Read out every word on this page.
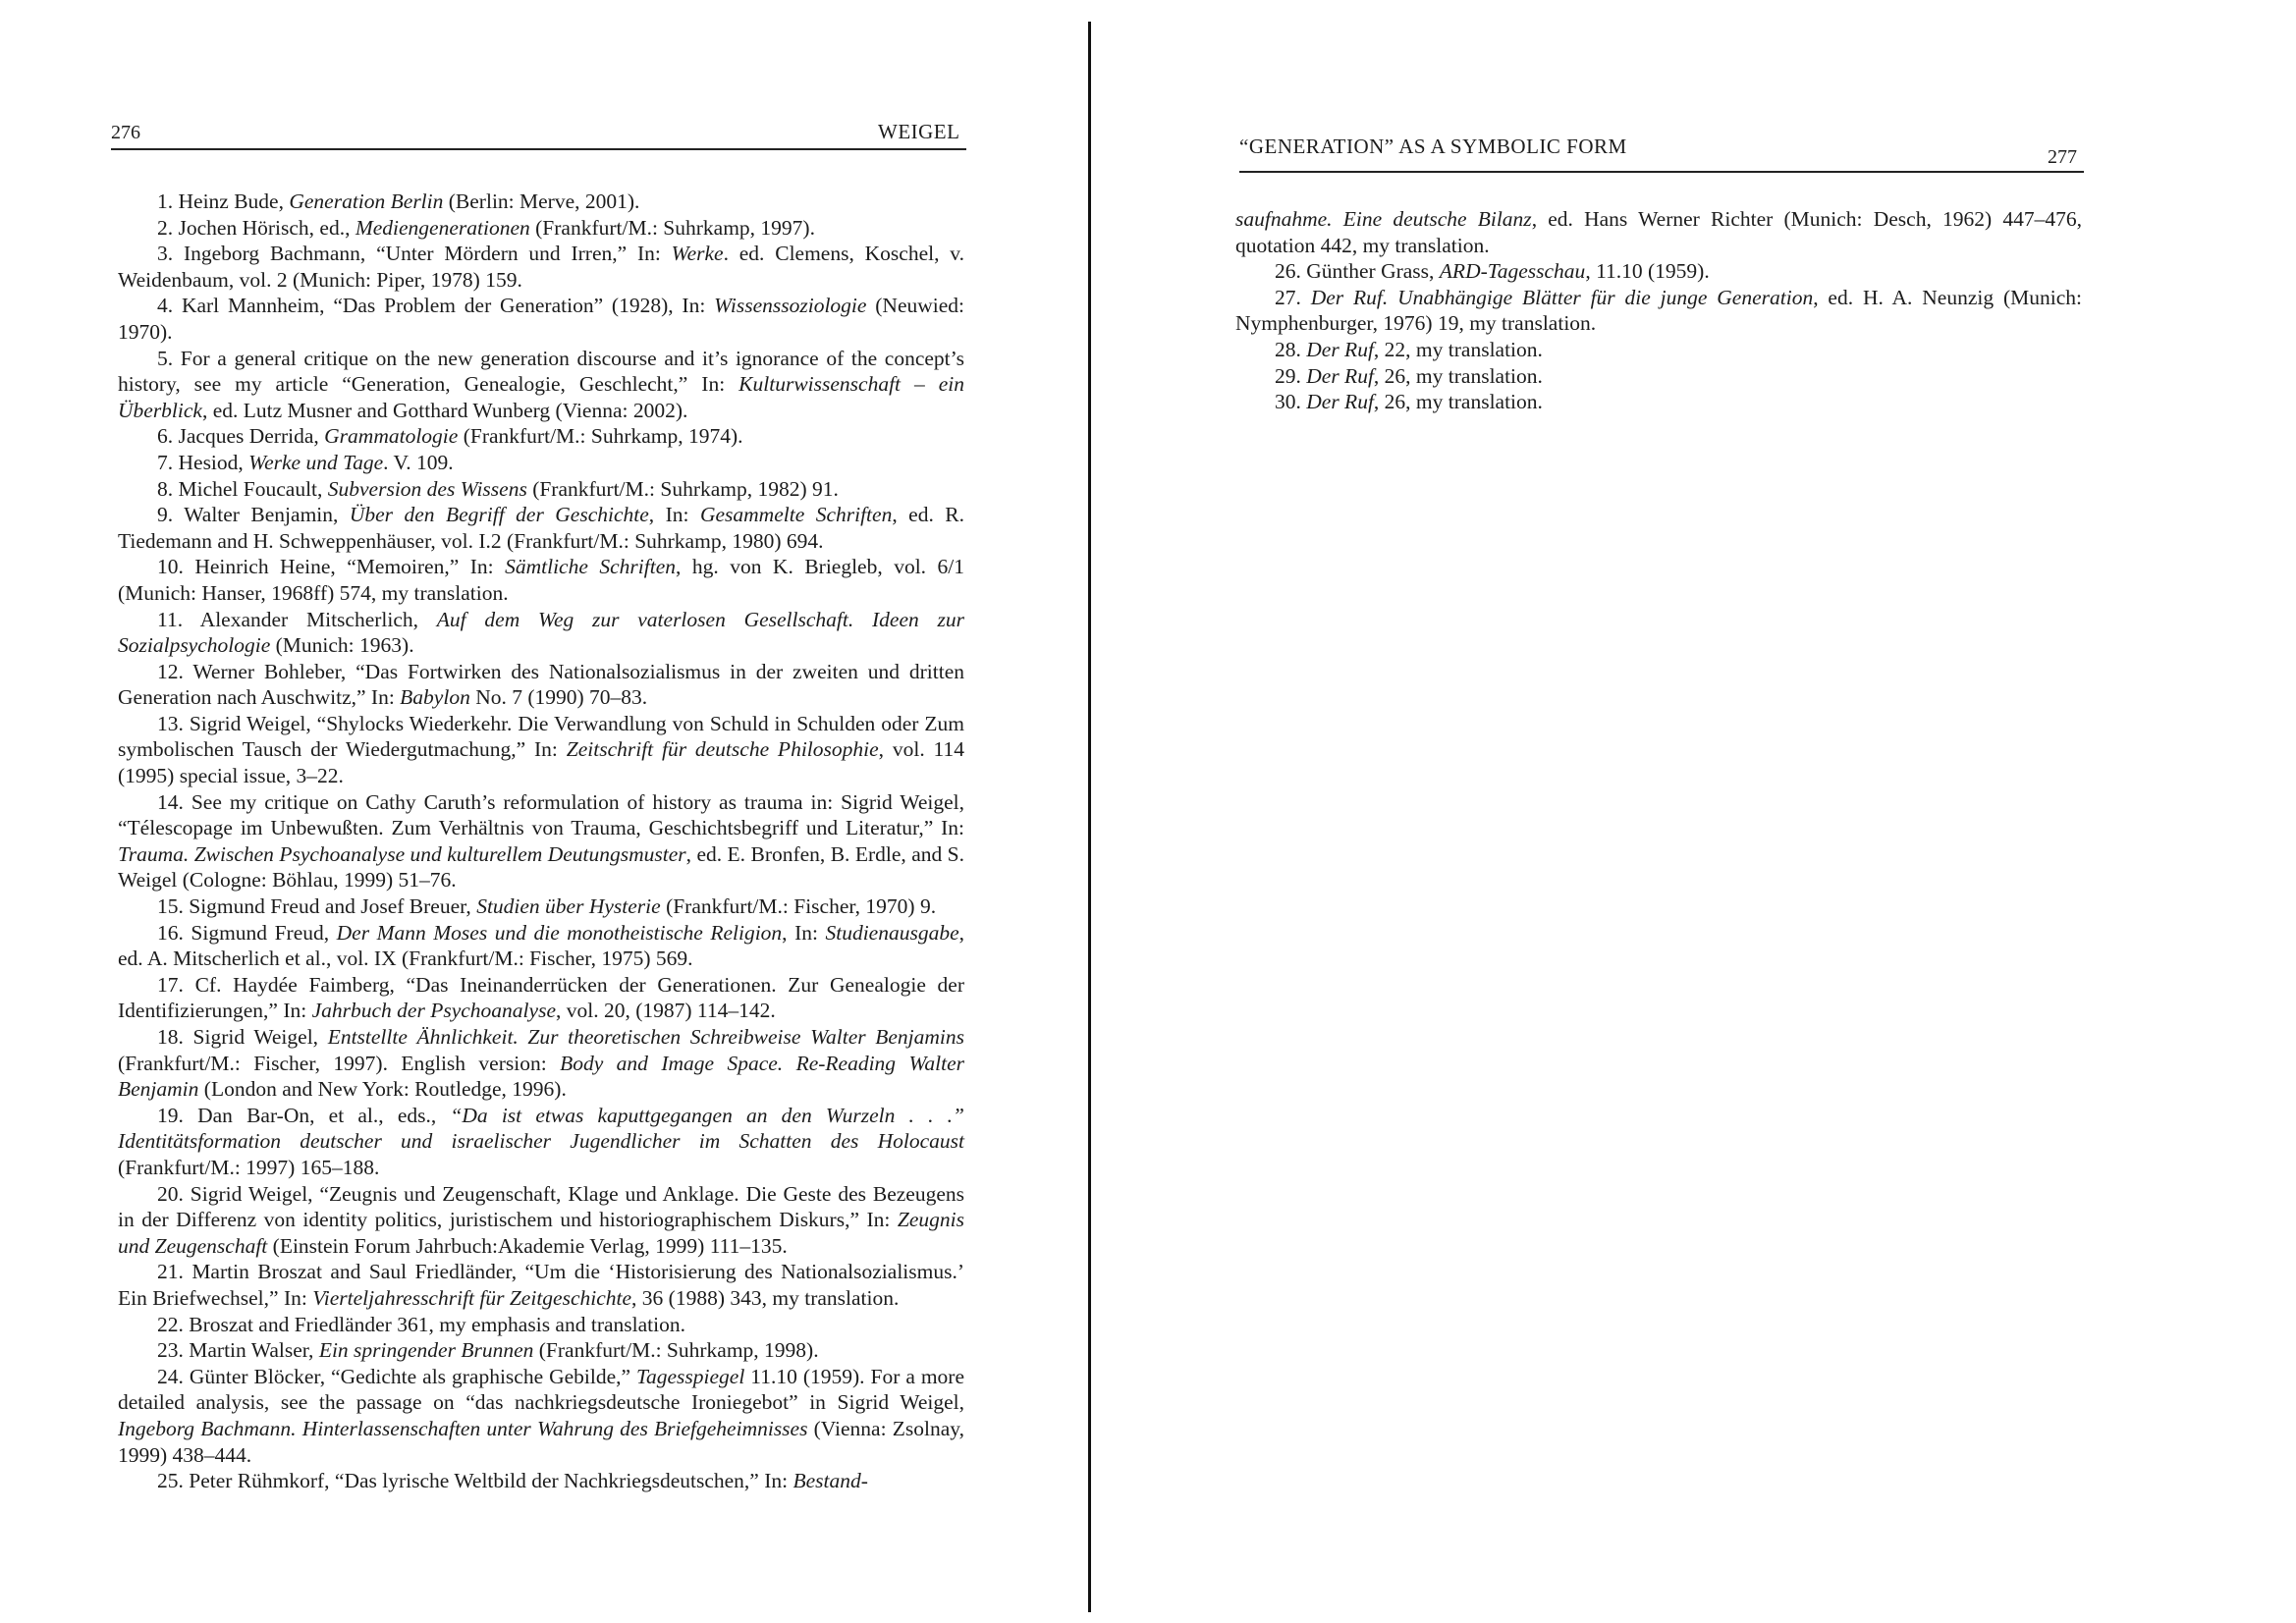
276	WEIGEL

1. Heinz Bude, Generation Berlin (Berlin: Merve, 2001).

2. Jochen Hörisch, ed., Mediengenerationen (Frankfurt/M.: Suhrkamp, 1997).

3. Ingeborg Bachmann, “Unter Mördern und Irren,” In: Werke. ed. Clemens, Koschel, v. Weidenbaum, vol. 2 (Munich: Piper, 1978) 159.

4. Karl Mannheim, “Das Problem der Generation” (1928), In: Wissenssoziologie (Neuwied: 1970).

5. For a general critique on the new generation discourse and it’s ignorance of the concept’s history, see my article “Generation, Genealogie, Geschlecht,” In: Kulturwissenschaft – ein Überblick, ed. Lutz Musner and Gotthard Wunberg (Vienna: 2002).

6. Jacques Derrida, Grammatologie (Frankfurt/M.: Suhrkamp, 1974).

7. Hesiod, Werke und Tage. V. 109.

8. Michel Foucault, Subversion des Wissens (Frankfurt/M.: Suhrkamp, 1982) 91.

9. Walter Benjamin, Über den Begriff der Geschichte, In: Gesammelte Schriften, ed. R. Tiedemann and H. Schweppenhäuser, vol. I.2 (Frankfurt/M.: Suhrkamp, 1980) 694.

10. Heinrich Heine, “Memoiren,” In: Sämtliche Schriften, hg. von K. Briegleb, vol. 6/1 (Munich: Hanser, 1968ff) 574, my translation.

11. Alexander Mitscherlich, Auf dem Weg zur vaterlosen Gesellschaft. Ideen zur Sozialpsychologie (Munich: 1963).

12. Werner Bohleber, “Das Fortwirken des Nationalsozialismus in der zweiten und dritten Generation nach Auschwitz,” In: Babylon No. 7 (1990) 70–83.

13. Sigrid Weigel, “Shylocks Wiederkehr. Die Verwandlung von Schuld in Schulden oder Zum symbolischen Tausch der Wiedergutmachung,” In: Zeitschrift für deutsche Philosophie, vol. 114 (1995) special issue, 3–22.

14. See my critique on Cathy Caruth’s reformulation of history as trauma in: Sigrid Weigel, “Télescopage im Unbewußten. Zum Verhältnis von Trauma, Geschichtsbegriff und Literatur,” In: Trauma. Zwischen Psychoanalyse und kulturellem Deutungsmuster, ed. E. Bronfen, B. Erdle, and S. Weigel (Cologne: Böhlau, 1999) 51–76.

15. Sigmund Freud and Josef Breuer, Studien über Hysterie (Frankfurt/M.: Fischer, 1970) 9.

16. Sigmund Freud, Der Mann Moses und die monotheistische Religion, In: Studienausgabe, ed. A. Mitscherlich et al., vol. IX (Frankfurt/M.: Fischer, 1975) 569.

17. Cf. Haydée Faimberg, “Das Ineinanderrücken der Generationen. Zur Genealogie der Identifizierungen,” In: Jahrbuch der Psychoanalyse, vol. 20, (1987) 114–142.

18. Sigrid Weigel, Entstellte Ähnlichkeit. Zur theoretischen Schreibweise Walter Benjamins (Frankfurt/M.: Fischer, 1997). English version: Body and Image Space. Re-Reading Walter Benjamin (London and New York: Routledge, 1996).

19. Dan Bar-On, et al., eds., “Da ist etwas kaputtgegangen an den Wurzeln . . .” Identitätsformation deutscher und israelischer Jugendlicher im Schatten des Holocaust (Frankfurt/M.: 1997) 165–188.

20. Sigrid Weigel, “Zeugnis und Zeugenschaft, Klage und Anklage. Die Geste des Bezeugens in der Differenz von identity politics, juristischem und historiographischem Diskurs,” In: Zeugnis und Zeugenschaft (Einstein Forum Jahrbuch:Akademie Verlag, 1999) 111–135.

21. Martin Broszat and Saul Friedländer, “Um die ‘Historisierung des Nationalsozialismus.’ Ein Briefwechsel,” In: Vierteljahresschrift für Zeitgeschichte, 36 (1988) 343, my translation.

22. Broszat and Friedländer 361, my emphasis and translation.

23. Martin Walser, Ein springender Brunnen (Frankfurt/M.: Suhrkamp, 1998).

24. Günter Blöcker, “Gedichte als graphische Gebilde,” Tagesspiegel 11.10 (1959). For a more detailed analysis, see the passage on “das nachkriegsdeutsche Ironiegebot” in Sigrid Weigel, Ingeborg Bachmann. Hinterlassenschaften unter Wahrung des Briefgeheimnisses (Vienna: Zsolnay, 1999) 438–444.

25. Peter Rühmkorf, “Das lyrische Weltbild der Nachkriegsdeutschen,” In: Bestand-

“GENERATION” AS A SYMBOLIC FORM	277

saufnahme. Eine deutsche Bilanz, ed. Hans Werner Richter (Munich: Desch, 1962) 447–476, quotation 442, my translation.

26. Günther Grass, ARD-Tagesschau, 11.10 (1959).

27. Der Ruf. Unabhängige Blätter für die junge Generation, ed. H. A. Neunzig (Munich: Nymphenburger, 1976) 19, my translation.

28. Der Ruf, 22, my translation.

29. Der Ruf, 26, my translation.

30. Der Ruf, 26, my translation.
